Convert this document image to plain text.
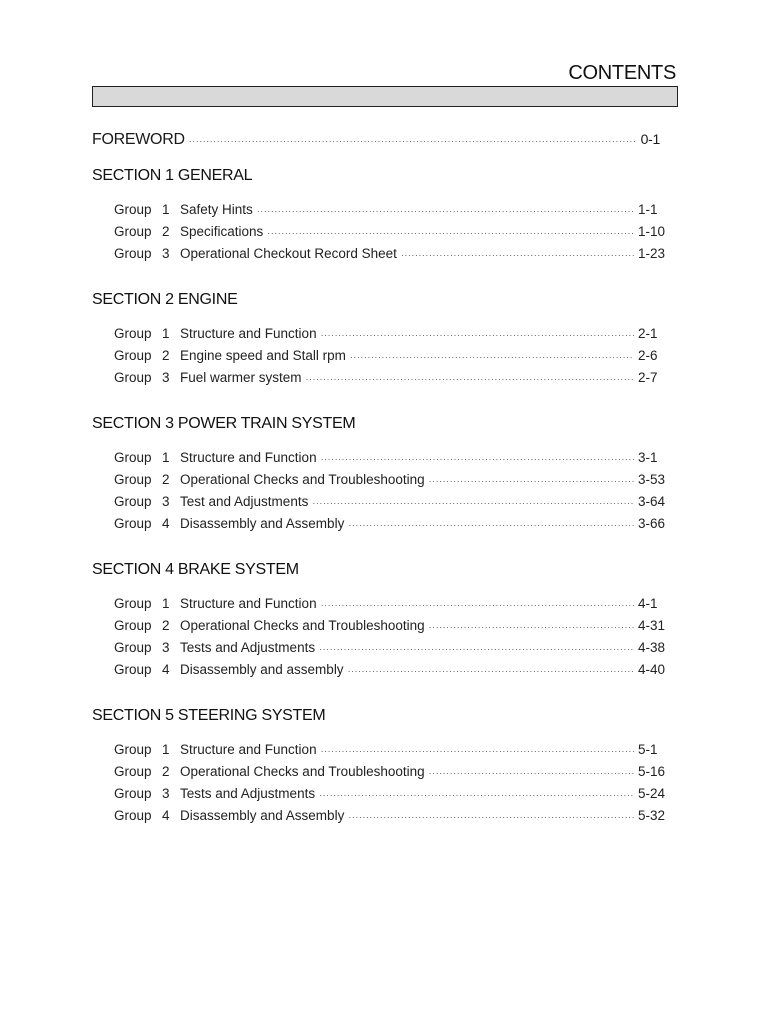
CONTENTS
FOREWORD ·····	0-1
SECTION 1 GENERAL
Group 1 Safety Hints ·····	1-1
Group 2 Specifications ·····	1-10
Group 3 Operational Checkout Record Sheet ·····	1-23
SECTION 2 ENGINE
Group 1 Structure and Function ·····	2-1
Group 2 Engine speed and Stall rpm ·····	2-6
Group 3 Fuel warmer system ·····	2-7
SECTION 3 POWER TRAIN SYSTEM
Group 1 Structure and Function ·····	3-1
Group 2 Operational Checks and Troubleshooting ·····	3-53
Group 3 Test and Adjustments ·····	3-64
Group 4 Disassembly and Assembly ·····	3-66
SECTION 4 BRAKE SYSTEM
Group 1 Structure and Function ·····	4-1
Group 2 Operational Checks and Troubleshooting ·····	4-31
Group 3 Tests and Adjustments ·····	4-38
Group 4 Disassembly and assembly ·····	4-40
SECTION 5 STEERING SYSTEM
Group 1 Structure and Function ·····	5-1
Group 2 Operational Checks and Troubleshooting ·····	5-16
Group 3 Tests and Adjustments ·····	5-24
Group 4 Disassembly and Assembly ·····	5-32
